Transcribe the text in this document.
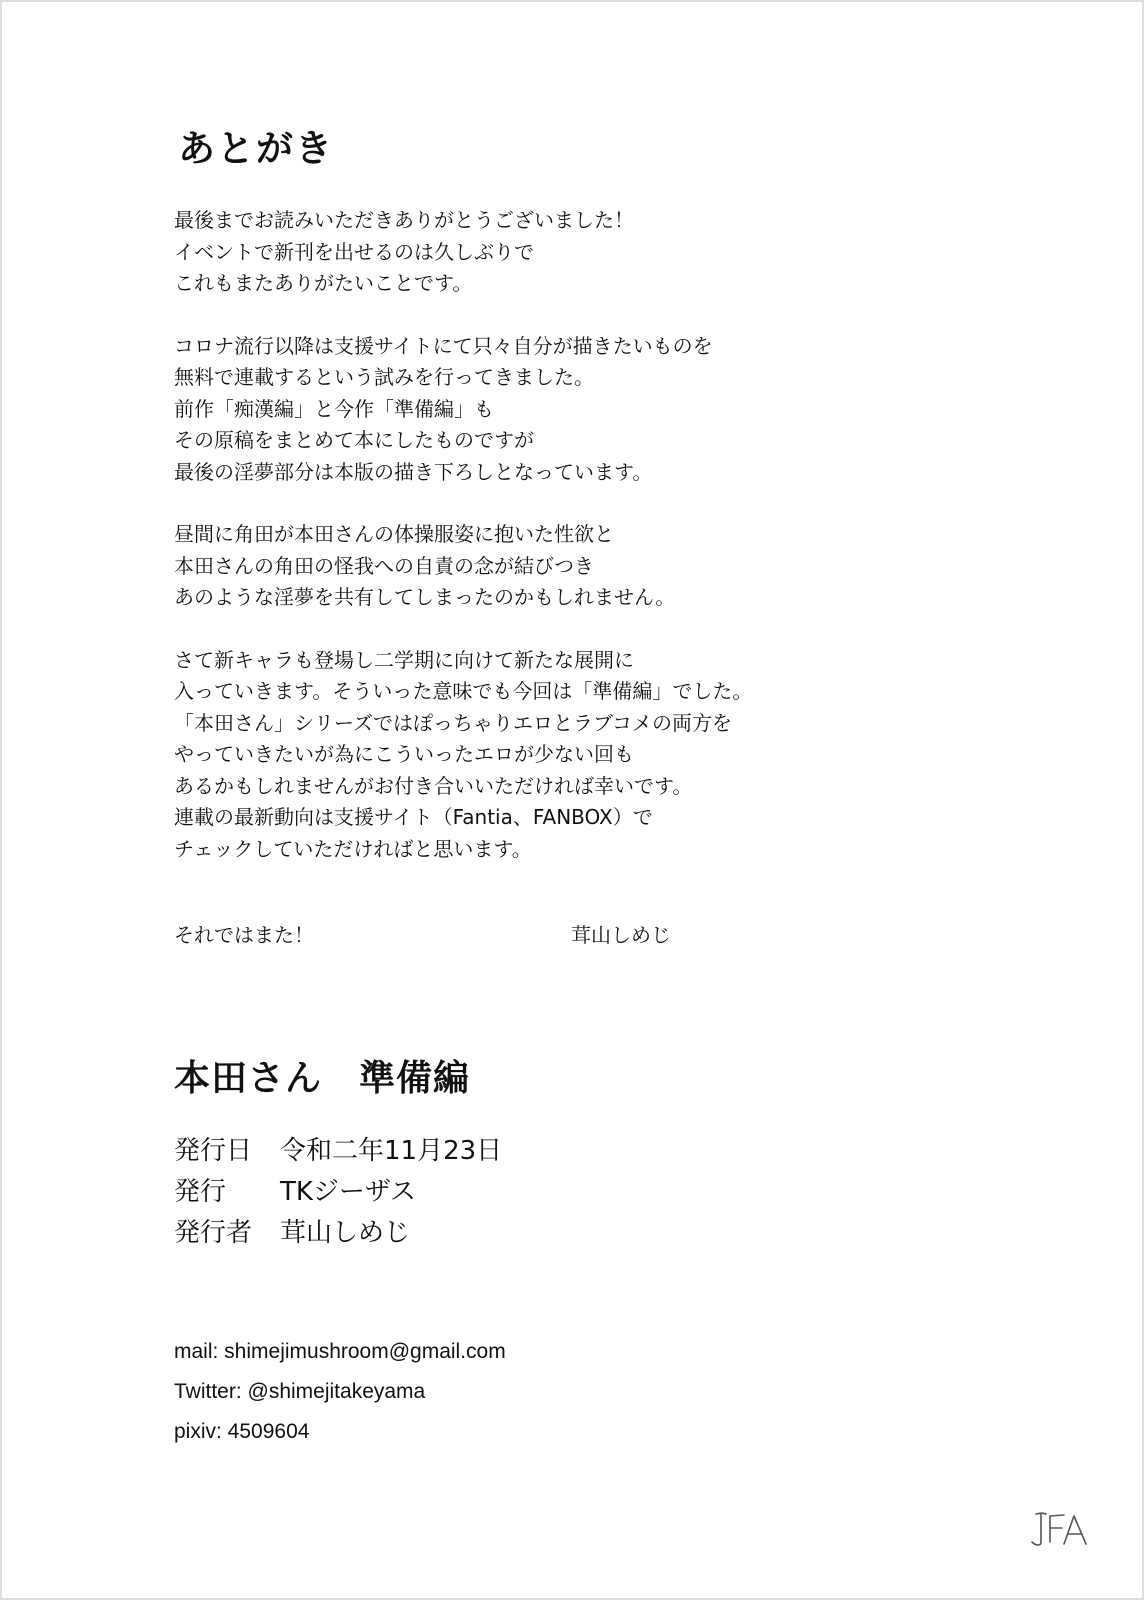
あとがき

最後までお読みいただきありがとうございました！
イベントで新刊を出せるのは久しぶりで
これもまたありがたいことです。

コロナ流行以降は支援サイトにて只々自分が描きたいものを
無料で連載するという試みを行ってきました。
前作「痴漢編」と今作「準備編」も
その原稿をまとめて本にしたものですが
最後の淫夢部分は本版の描き下ろしとなっています。

昼間に角田が本田さんの体操服姿に抱いた性欲と
本田さんの角田の怪我への自責の念が結びつき
あのような淫夢を共有してしまったのかもしれません。

さて新キャラも登場し二学期に向けて新たな展開に
入っていきます。そういった意味でも今回は「準備編」でした。
「本田さん」シリーズではぽっちゃりエロとラブコメの両方を
やっていきたいが為にこういったエロが少ない回も
あるかもしれませんがお付き合いいただければ幸いです。
連載の最新動向は支援サイト（Fantia、FANBOX）で
チェックしていただければと思います。

それではまた！	茸山しめじ
本田さん　準備編
発行日	令和二年11月23日
発行	TKジーザス
発行者	茸山しめじ
mail: shimejimushroom@gmail.com
Twitter: @shimejitakeyama
pixiv: 4509604
